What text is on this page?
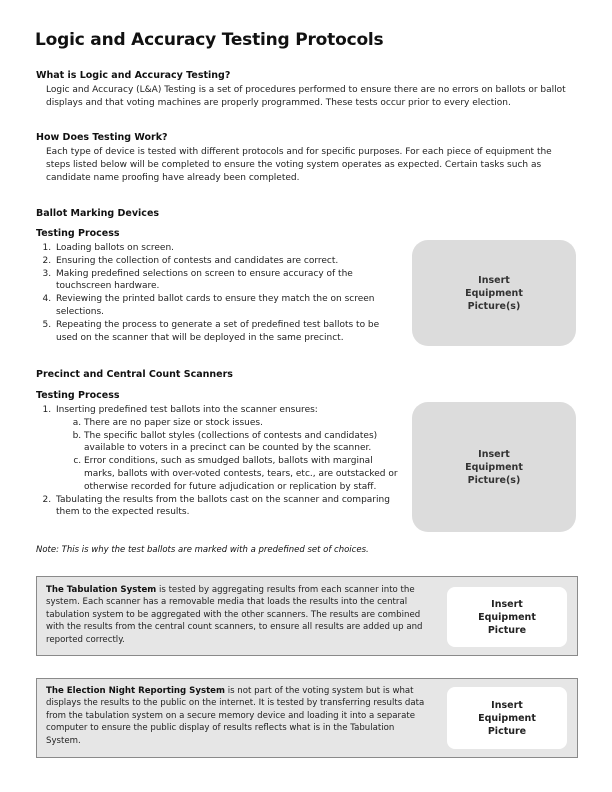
Logic and Accuracy Testing Protocols
What is Logic and Accuracy Testing?
Logic and Accuracy (L&A) Testing is a set of procedures performed to ensure there are no errors on ballots or ballot displays and that voting machines are properly programmed. These tests occur prior to every election.
How Does Testing Work?
Each type of device is tested with different protocols and for specific purposes. For each piece of equipment the steps listed below will be completed to ensure the voting system operates as expected. Certain tasks such as candidate name proofing have already been completed.
Ballot Marking Devices
Testing Process
1. Loading ballots on screen.
2. Ensuring the collection of contests and candidates are correct.
3. Making predefined selections on screen to ensure accuracy of the touchscreen hardware.
4. Reviewing the printed ballot cards to ensure they match the on screen selections.
5. Repeating the process to generate a set of predefined test ballots to be used on the scanner that will be deployed in the same precinct.
Insert
Equipment
Picture(s)
Precinct and Central Count Scanners
Testing Process
1. Inserting predefined test ballots into the scanner ensures:
a. There are no paper size or stock issues.
b. The specific ballot styles (collections of contests and candidates) available to voters in a precinct can be counted by the scanner.
c. Error conditions, such as smudged ballots, ballots with marginal marks, ballots with over-voted contests, tears, etc., are outstacked or otherwise recorded for future adjudication or replication by staff.
2. Tabulating the results from the ballots cast on the scanner and comparing them to the expected results.
Insert
Equipment
Picture(s)
Note: This is why the test ballots are marked with a predefined set of choices.
The Tabulation System is tested by aggregating results from each scanner into the system. Each scanner has a removable media that loads the results into the central tabulation system to be aggregated with the other scanners. The results are combined with the results from the central count scanners, to ensure all results are added up and reported correctly.
Insert
Equipment
Picture
The Election Night Reporting System is not part of the voting system but is what displays the results to the public on the internet. It is tested by transferring results data from the tabulation system on a secure memory device and loading it into a separate computer to ensure the public display of results reflects what is in the Tabulation System.
Insert
Equipment
Picture
